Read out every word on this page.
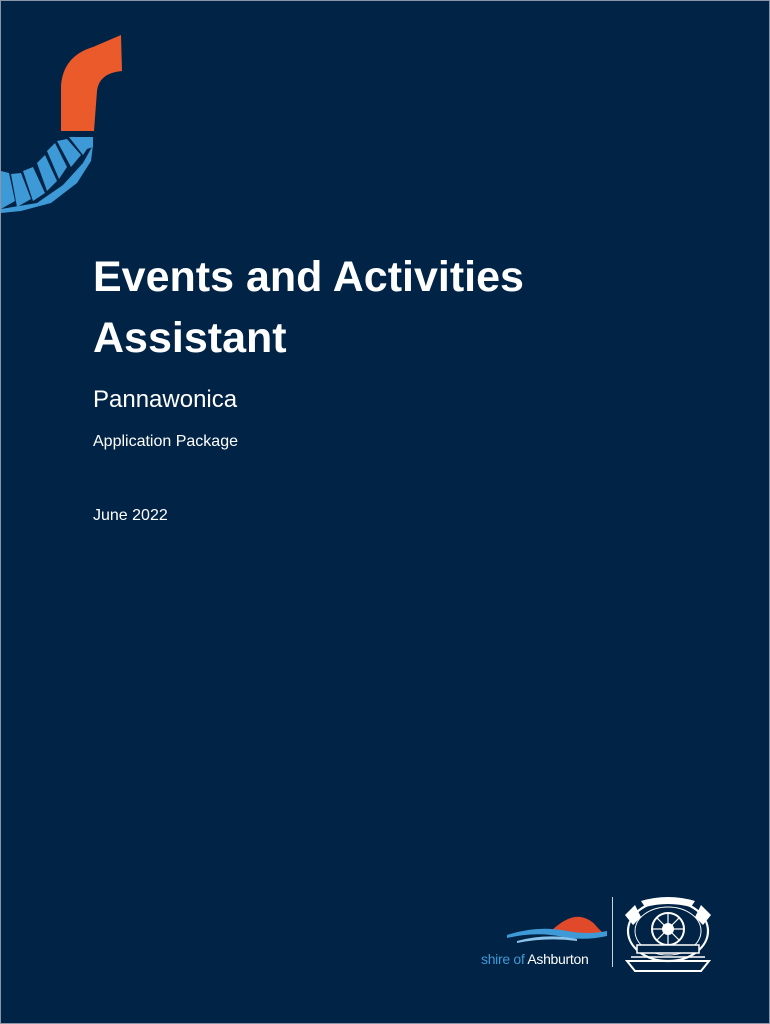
Events and Activities Assistant
Pannawonica
Application Package
June 2022
shire of Ashburton
